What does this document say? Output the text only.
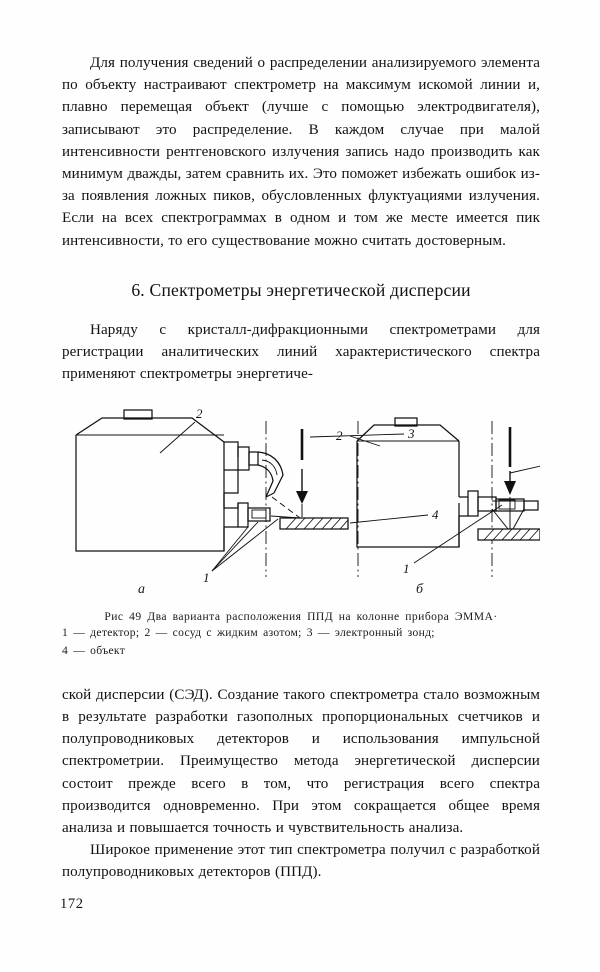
Для получения сведений о распределении анализируемого элемента по объекту настраивают спектрометр на максимум искомой линии и, плавно перемещая объект (лучше с помощью электродвигателя), записывают это распределение. В каждом случае при малой интенсивности рентгеновского излучения запись надо производить как минимум дважды, затем сравнить их. Это поможет избежать ошибок из-за появления ложных пиков, обусловленных флуктуациями излучения. Если на всех спектрограммах в одном и том же месте имеется пик интенсивности, то его существование можно считать достоверным.

6. Спектрометры энергетической дисперсии

Наряду с кристалл-дифракционными спектрометрами для регистрации аналитических линий характеристического спектра применяют спектрометры энергетиче-

2
3
4
1
2
1
а	б

Рис 49 Два варианта расположения ППД на колонне прибора ЭММА·

1 — детектор; 2 — сосуд с жидким азотом; 3 — электронный зонд;

4 — объект

ской дисперсии (СЭД). Создание такого спектрометра стало возможным в результате разработки газополных пропорциональных счетчиков и полупроводниковых детекторов и использования импульсной спектрометрии. Преимущество метода энергетической дисперсии состоит прежде всего в том, что регистрация всего спектра производится одновременно. При этом сокращается общее время анализа и повышается точность и чувствительность анализа.

Широкое применение этот тип спектрометра получил с разработкой полупроводниковых детекторов (ППД).

172
